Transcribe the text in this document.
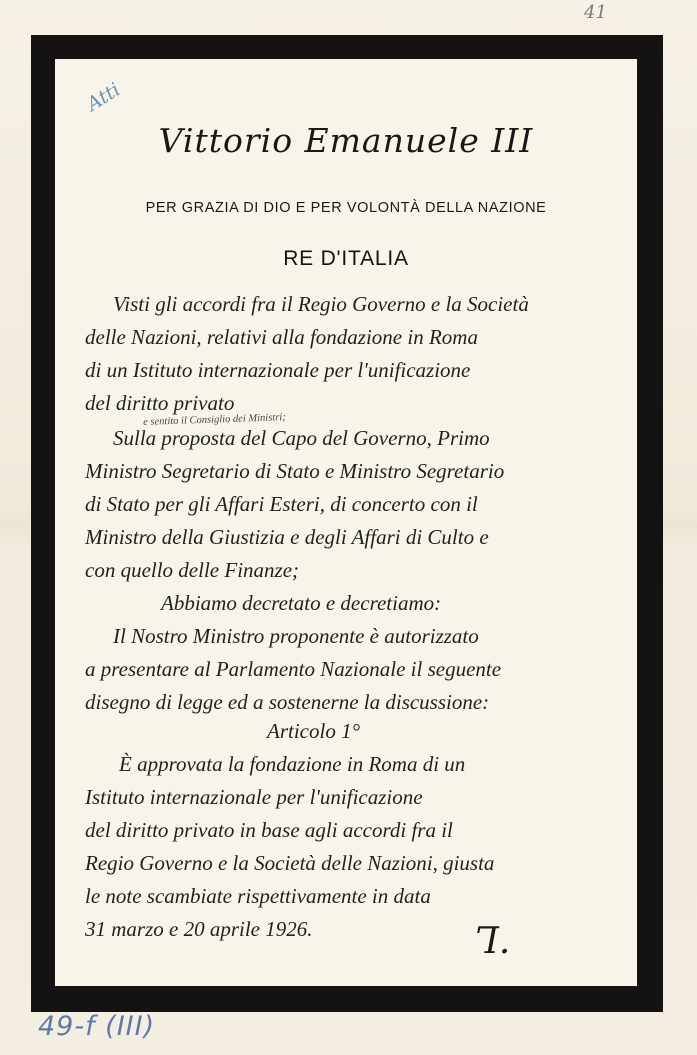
41
Atti
Vittorio Emanuele III
PER GRAZIA DI DIO E PER VOLONTÀ DELLA NAZIONE
RE D'ITALIA
Visti gli accordi fra il Regio Governo e la Società
delle Nazioni, relativi alla fondazione in Roma
di un Istituto internazionale per l'unificazione
del diritto privato
e sentito il Consiglio dei Ministri;
Sulla proposta del Capo del Governo, Primo
Ministro Segretario di Stato e Ministro Segretario
di Stato per gli Affari Esteri, di concerto con il
Ministro della Giustizia e degli Affari di Culto e
con quello delle Finanze;
Abbiamo decretato e decretiamo:
Il Nostro Ministro proponente è autorizzato
a presentare al Parlamento Nazionale il seguente
disegno di legge ed a sostenerne la discussione:
Articolo 1°
È approvata la fondazione in Roma di un
Istituto internazionale per l'unificazione
del diritto privato in base agli accordi fra il
Regio Governo e la Società delle Nazioni, giusta
le note scambiate rispettivamente in data
31 marzo e 20 aprile 1926.	Ꞁ.
49-f (III)
